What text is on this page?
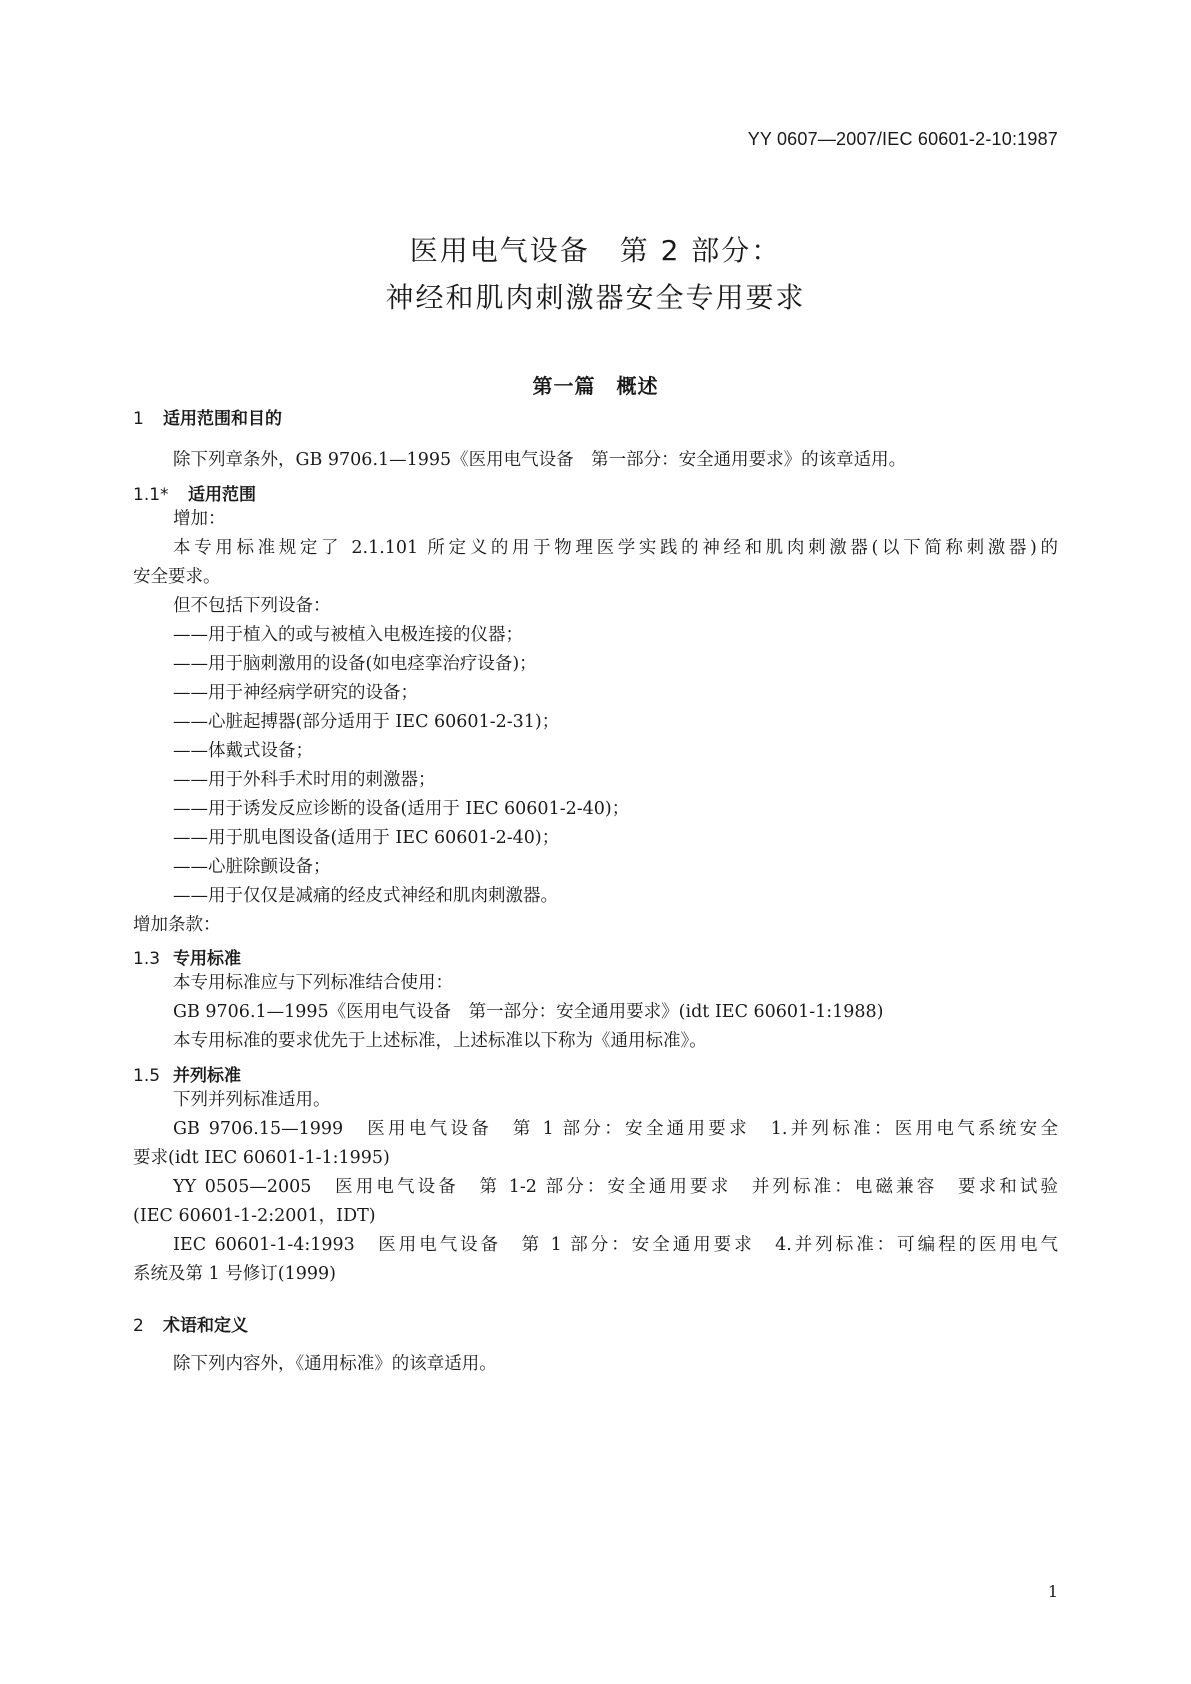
YY 0607—2007/IEC 60601-2-10:1987
医用电气设备　第 2 部分：
神经和肌肉刺激器安全专用要求
第一篇　概述
1 适用范围和目的
除下列章条外，GB 9706.1—1995《医用电气设备　第一部分：安全通用要求》的该章适用。
1.1* 适用范围
增加：
本专用标准规定了 2.1.101 所定义的用于物理医学实践的神经和肌肉刺激器(以下简称刺激器)的
安全要求。
但不包括下列设备：
——用于植入的或与被植入电极连接的仪器；
——用于脑刺激用的设备(如电痉挛治疗设备)；
——用于神经病学研究的设备；
——心脏起搏器(部分适用于 IEC 60601-2-31)；
——体戴式设备；
——用于外科手术时用的刺激器；
——用于诱发反应诊断的设备(适用于 IEC 60601-2-40)；
——用于肌电图设备(适用于 IEC 60601-2-40)；
——心脏除颤设备；
——用于仅仅是减痛的经皮式神经和肌肉刺激器。
增加条款：
1.3 专用标准
本专用标准应与下列标准结合使用：
GB 9706.1—1995《医用电气设备　第一部分：安全通用要求》(idt IEC 60601-1:1988)
本专用标准的要求优先于上述标准，上述标准以下称为《通用标准》。
1.5 并列标准
下列并列标准适用。
GB 9706.15—1999　医用电气设备　第 1 部分：安全通用要求　1.并列标准：医用电气系统安全
要求(idt IEC 60601-1-1:1995)
YY 0505—2005　医用电气设备　第 1-2 部分：安全通用要求　并列标准：电磁兼容　要求和试验
(IEC 60601-1-2:2001，IDT)
IEC 60601-1-4:1993　医用电气设备　第 1 部分：安全通用要求　4.并列标准：可编程的医用电气
系统及第 1 号修订(1999)
2 术语和定义
除下列内容外，《通用标准》的该章适用。
1
